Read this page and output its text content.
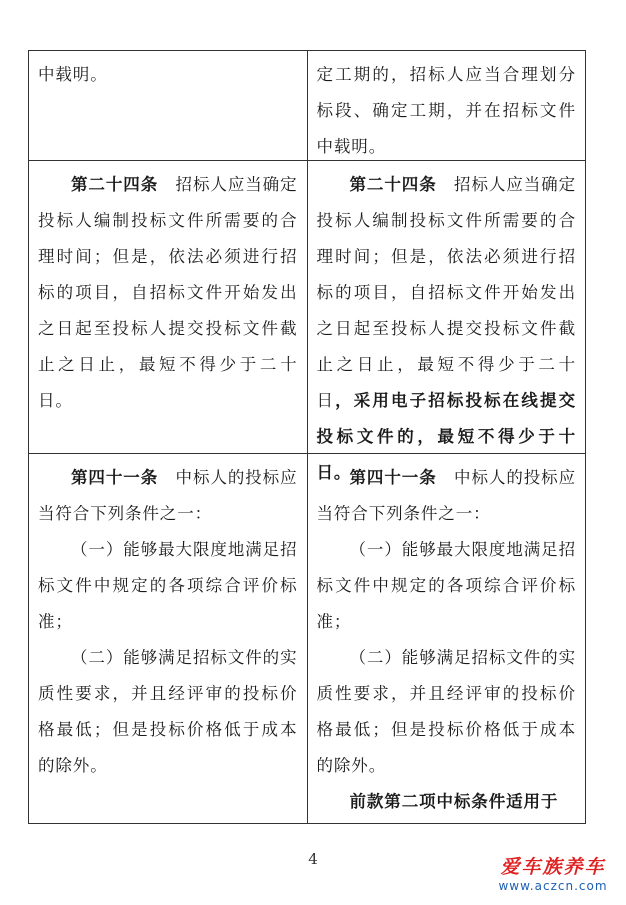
中载明。	定工期的，招标人应当合理划分标段、确定工期，并在招标文件中载明。

第二十四条　招标人应当确定投标人编制投标文件所需要的合理时间；但是，依法必须进行招标的项目，自招标文件开始发出之日起至投标人提交投标文件截止之日止，最短不得少于二十日。

第二十四条　招标人应当确定投标人编制投标文件所需要的合理时间；但是，依法必须进行招标的项目，自招标文件开始发出之日起至投标人提交投标文件截止之日止，最短不得少于二十日，采用电子招标投标在线提交投标文件的，最短不得少于十日。

第四十一条　中标人的投标应当符合下列条件之一：

（一）能够最大限度地满足招标文件中规定的各项综合评价标准；

（二）能够满足招标文件的实质性要求，并且经评审的投标价格最低；但是投标价格低于成本的除外。

第四十一条　中标人的投标应当符合下列条件之一：

（一）能够最大限度地满足招标文件中规定的各项综合评价标准；

（二）能够满足招标文件的实质性要求，并且经评审的投标价格最低；但是投标价格低于成本的除外。

前款第二项中标条件适用于

4	爱车族养车
www.aczcn.com
